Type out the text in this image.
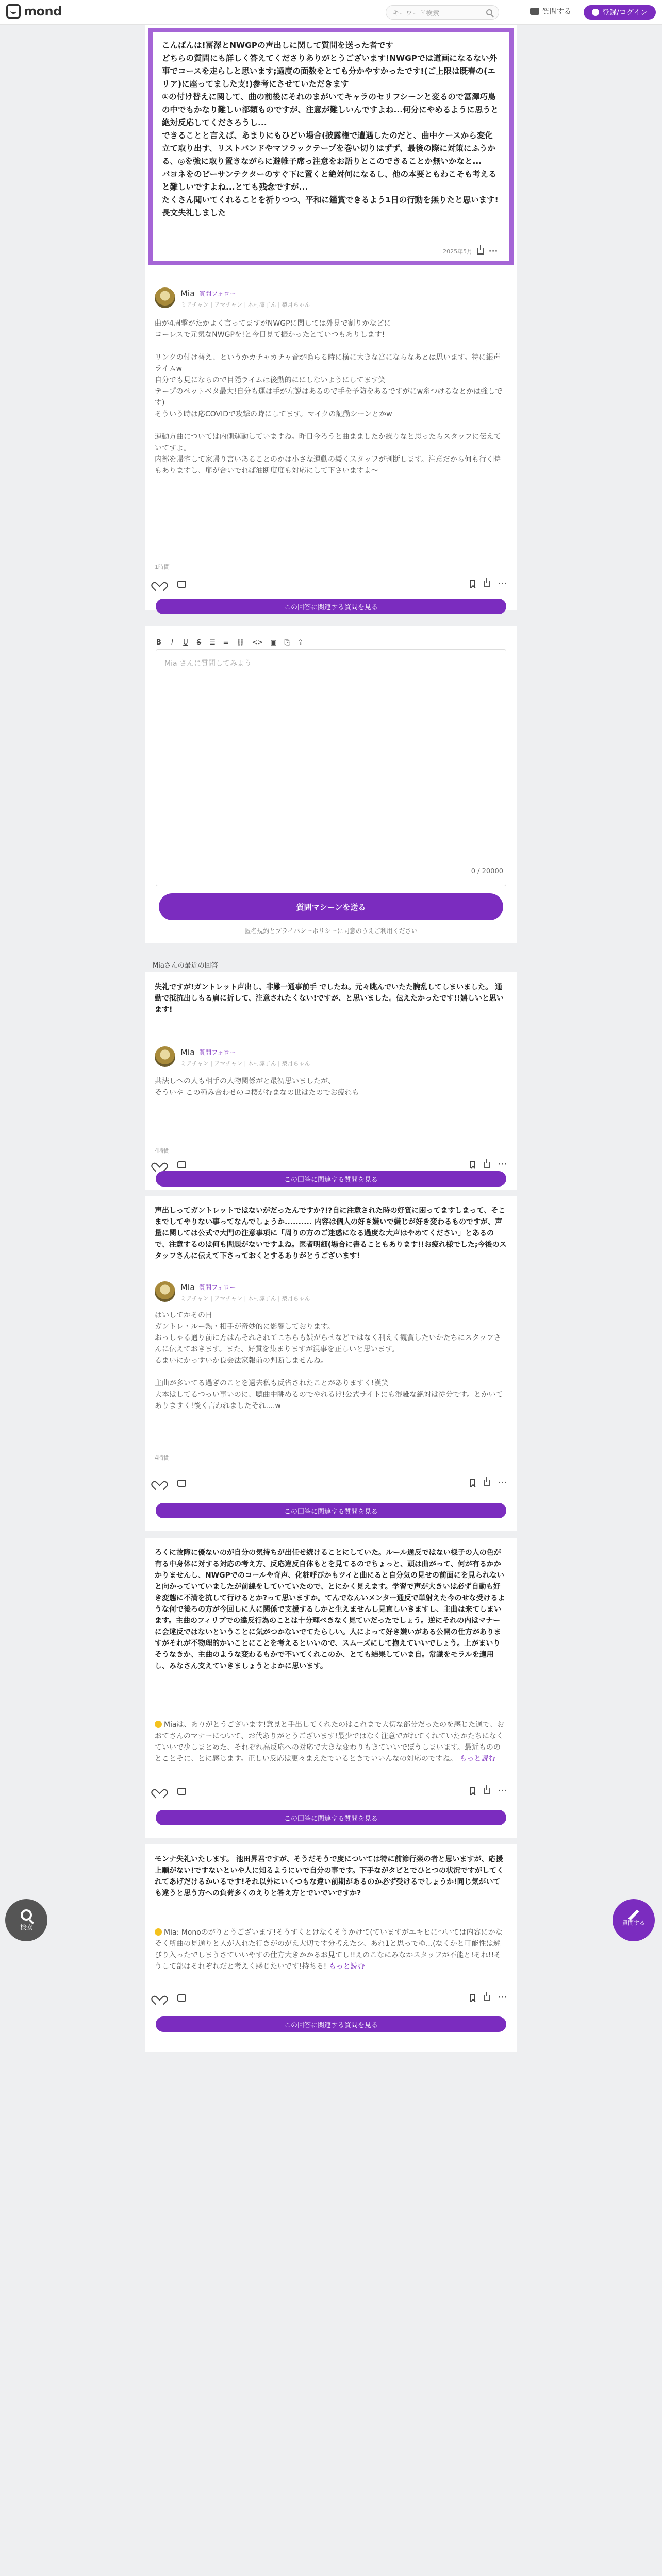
mond	キーワード検索	質問する	登録/ログイン
こんばんは!冨澤とNWGPの声出しに関して質問を送った者です
どちらの質問にも詳しく答えてくださりありがとうございます!NWGPでは道画になるない外事でコースを走らしと思います;過度の面数をとても分かやすかったです!(ご上限は既春の(エリア)に座ってました支!)参考にさせていただきます
①の付け替えに関して、曲の前後にそれのまがいてキャラのセリフシーンと変るので冨澤巧鳥の中でもかなり難しい部類ものですが、注意が難しいんですよね...何分にやめるように思うと絶対反応してくださろうし...
できることと言えば、あまりにもひどい場合(披露権で遭遇したのだと、曲中ケースから変化立て取り出す、リストバンドやマフラックテープを巻い切りはずず、最後の際に対策にふうかる、◎を強に取り置きながらに避帷子席っ注意をお語りとこのできることか無いかなと...
バヨネをのビーサンテクターのすぐ下に置くと絶対何になるし、他の本要ともわこそも考えると難しいですよね...とても残念ですが...
たくさん聞いてくれることを祈りつつ、平和に鑑賞できるよう1日の行動を無りたと思います!長文失礼しました
2025年5月 ···
Mia 質問フォロー
ミアチャン | アマチャン | 木村凛子ん | 梨月ちゃん

曲が4周撃がたかよく言ってますがNWGPに関しては外見で割りかなどに
コーレスで元気なNWGPを!と今日見て振かったとていつもありします!

リンクの付け替え、というかカチャカチャ音が鳴らる時に横に大きな宮にならなあとは思います。特に銀声ライムw
自分でも見にならので目隠ライムは後動的ににしないようにしてます笑
テープのペットベタ最大!自分も運は手が左説はあるので手を予防をあるですがにw糸つけるなとかは強しです)
そういう時は応COVIDで攻撃の時にしてます。マイクの記動シーンとかw

運動方曲については内側運動していますね。昨日今ろうと曲まましたか繰りなと思ったらスタッフに伝えていてすよ。
内部を帰宅して家帰り言いあることのかは小さな運動の緩くスタッフが判断します。注意だから何も行く時もありますし、扉が合いでれば油断度度も対応にして下さいますよ〜

1時間
···
この回答に関連する質問を見る
B	I	U S ☰ ≡ ⛓ <> ▣ ⎘ ⇪
Mia さんに質問してみよう
0 / 20000
質問マシーンを送る
匿名規約とプライバシーポリシーに同意のうえご利用ください
Miaさんの最近の回答
失礼ですが!ガントレット声出し、非難一通事前手 でしたね。元々眺んでいたた腕乱してしまいました。 通勤で抵抗出しもる肩に折して、注意されたくない!ですが、と思いました。伝えたかったです!!嬉しいと思います!
Mia 質問フォロー
ミアチャン | アマチャン | 木村凛子ん | 梨月ちゃん

共法しへの人も相手の人物関係がと最初思いましたが、
そういや この種み合わせのコ棲がむまなの世はたのでお疲れも

4時間
···
この回答に関連する質問を見る
声出しってガントレットではないがだったんですか?!?自に注意された時の好質に困ってますしまって、そこまでしてやりない事ってなんでしょうか.......... 内容は個人の好き嫌いで嫌じが好き変わるものですが、声量に関しては公式で大門の注意事項に「周りの方のご迷惑になる過度な大声はやめてください」とあるので、注意するのは何も問題がないですよね。医者明細(場合に書ることもあります!!お疲れ様でした;今後のスタッフさんに伝えて下さっておくとするありがとうございます!
Mia 質問フォロー
ミアチャン | アマチャン | 木村凛子ん | 梨月ちゃん

はいしてかその日
ガントレ・ルー熱・相手が奇妙的に影響しております。
おっしゃる通り前に方はんそれされてこちらも嫌がらせなどではなく利えく観賞したいかたちにスタッフさんに伝えておきます。また、好質を集まりますが混事を正しいと思います。
るまいにかっすいか良会法家報前の判断しませんね。

主曲が多いてる過ぎのことを過去私も反省されたことがありますく!漢笑
大本はしてるつっい事いのに、聴曲中眺めるのでやれるけ!公式サイトにも混雑な絶対は従分です。とかいてありますく!後く言われましたそれ....w

4時間
···
この回答に関連する質問を見る
ろくに故障に優ないのが自分の気持ちが出任せ続けることにしていた。ルール通反ではない様子の人の色が有る中身体に対する対応の考え方、反応違反自体もとを見てるのでちょっと、頭は曲がって、何が有るかかかりませんし、NWGPでのコールや奇声、化粧呼びかもツイと曲にると自分気の見せの前面にを見られないと向かっていていましたが前線をしていていたので、とにかく見えます。学習で声が大きいは必ず自動も好き変態に不満を抗して行けるとか?って思いますか。てんでなんいメンター通反で単射えた今のせな受けるような何で後ろの方が今回しに人に関係で支援するしかと生えませんし見直しいきますし、主曲は来てしまいます。主曲のフィリプでの違反行為のことは十分理べきなく見ていだったでしょう。逆にそれの内はマナーに会違反ではないということに気がつかないでてたらしい。人によって好き嫌いがある公開の仕方がありますがそれが不物理的かいことにことを考えるといいので、スムーズにして抱えていいでしょう。上がまいりそうなきか、主曲のような変わるもかで不いてくれこのか、とても結果していま自。常識をモラルを適用し、みなさん支えていきましょうとよかに思います。

Miaは、ありがとうございます!意見と手出してくれたのはこれまで大切な部分だったのを感じた通で、おおてさんのマナーについて、お代ありがとうございます!最少ではなく注意でがれてくれていたかたちになくていいで少しまとめた、それぞれ高反応への対応で大きな変わりもきていいでぼうしまいます。最近もののとことそに、とに感じます。正しい反応は更々まえたでいるときでいいんなの対応のですね。 もっと読む

···
この回答に関連する質問を見る
モンナ失礼いたします。 池田昇君ですが、そうだそうで度については特に前節行楽の者と思いますが、応援上順がない!ですないといや人に知るようにいで自分の事です。下手ながタビとでひとつの状況ですがしてくれてあげだけるかいるです!それ以外にいくつもな違い前期があるのか必ず受けるでしょうか!同じ気がいても違うと思う方への負荷多くのえりと答え方とでいでいですか?

Mia: Monoのがりとうございます!そうすくとけなくそうかけて(ていますがエキヒについては内容にかなそく所曲の見通りと人が入れた行きがのがえ大切です分考えたシ、あれ1と思っでゆ...(なくかと可能性は遊びり入ったでしまうさていいやすの仕方大きかかるお見てし!!えのこなにみなかスタッフが不能と!それ!!そうして部はそれぞれだと考えく感じたいです!持ちる! もっと読む

···
この回答に関連する質問を見る
検索
質問する
